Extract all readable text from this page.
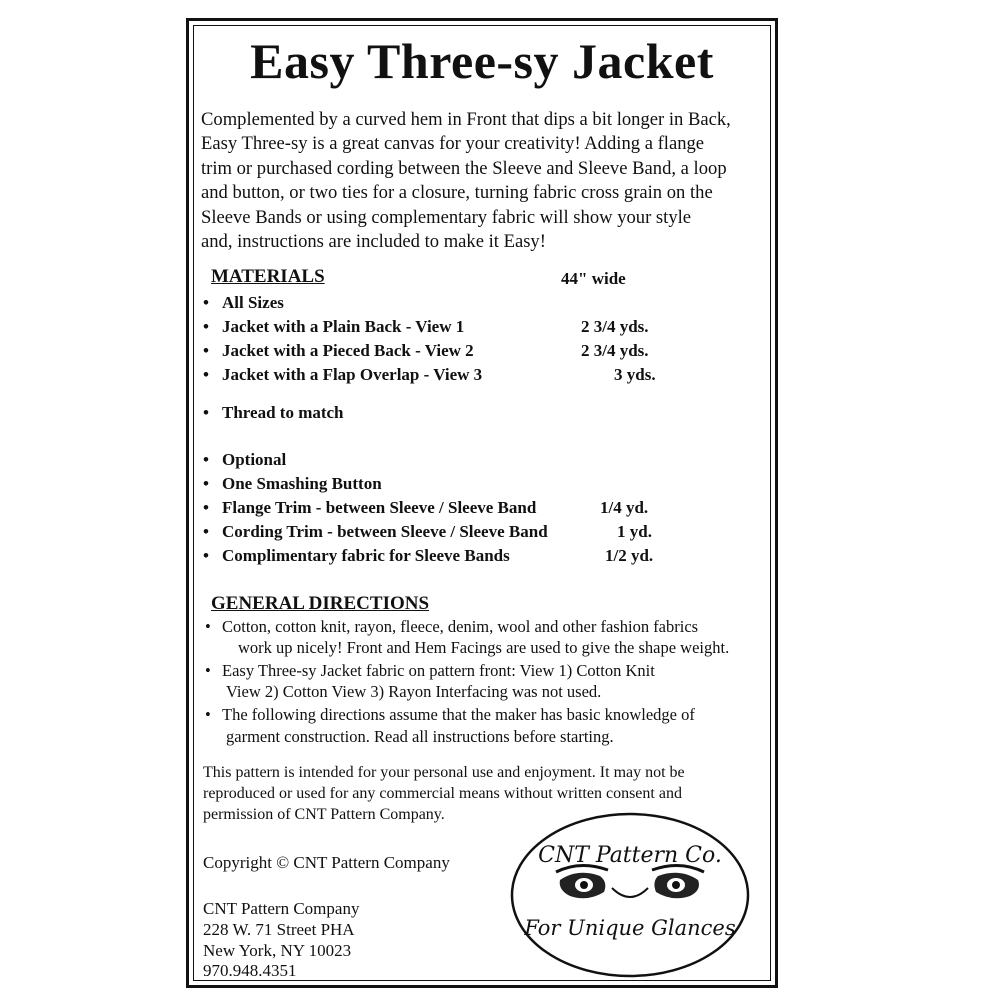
Easy Three-sy Jacket
Complemented by a curved hem in Front that dips a bit longer in Back,
Easy Three-sy is a great canvas for your creativity! Adding a flange
trim or purchased cording between the Sleeve and Sleeve Band, a loop
and button, or two ties for a closure, turning fabric cross grain on the
Sleeve Bands or using complementary fabric will show your style
and, instructions are included to make it Easy!
MATERIALS	44" wide
• All Sizes
• Jacket with a Plain Back - View 1	2 3/4 yds.
• Jacket with a Pieced Back - View 2	2 3/4 yds.
• Jacket with a Flap Overlap - View 3	3 yds.
• Thread to match
• Optional
• One Smashing Button
• Flange Trim - between Sleeve / Sleeve Band	1/4 yd.
• Cording Trim - between Sleeve / Sleeve Band	1 yd.
• Complimentary fabric for Sleeve Bands	1/2 yd.
GENERAL DIRECTIONS
• Cotton, cotton knit, rayon, fleece, denim, wool and other fashion fabrics
work up nicely! Front and Hem Facings are used to give the shape weight.
• Easy Three-sy Jacket fabric on pattern front: View 1) Cotton Knit
View 2) Cotton View 3) Rayon Interfacing was not used.
• The following directions assume that the maker has basic knowledge of
garment construction. Read all instructions before starting.
This pattern is intended for your personal use and enjoyment. It may not be
reproduced or used for any commercial means without written consent and
permission of CNT Pattern Company.
Copyright © CNT Pattern Company
CNT Pattern Company
228 W. 71 Street PHA
New York, NY 10023
970.948.4351
CNT Pattern Co.
For Unique Glances
